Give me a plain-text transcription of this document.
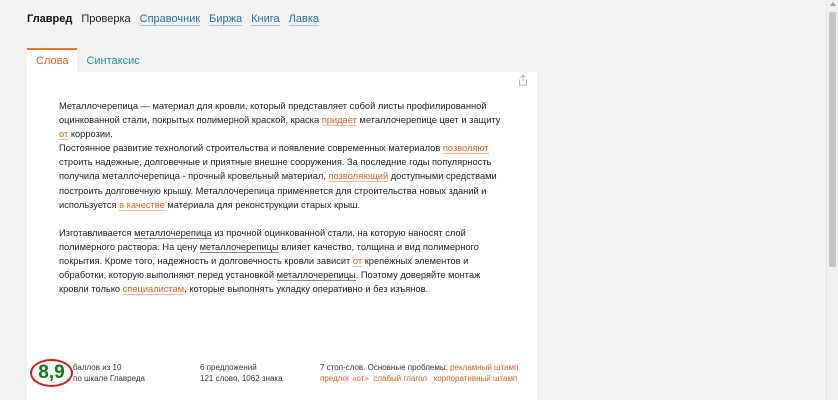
Главред Проверка Справочник Биржа Книга Лавка
Слова	Синтаксис

Металлочерепица — материал для кровли, который представляет собой листы профилированной оцинкованной стали, покрытых полимерной краской, краска придает металлочерепице цвет и защиту от коррозии.

Постоянное развитие технологий строительства и появление современных материалов позволяют строить надежные, долговечные и приятные внешне сооружения. За последние годы популярность получила металлочерепица - прочный кровельный материал, позволяющий доступными средствами построить долговечную крышу. Металлочерепица применяется для строительства новых зданий и используется в качестве материала для реконструкции старых крыш.

Изготавливается металлочерепица из прочной оцинкованной стали, на которую наносят слой полимерного раствора. На цену металлочерепицы влияет качество, толщина и вид полимерного покрытия. Кроме того, надежность и долговечность кровли зависит от крепежных элементов и обработки, которую выполняют перед установкой металлочерепицы. Поэтому доверяйте монтаж кровли только специалистам, которые выполнять укладку оперативно и без изъянов.

8,9	баллов из 10
по шкале Главреда
6 предложений
121 слово, 1062 знака
7 стоп-слов. Основные проблемы: рекламный штамп
предлог «от» слабый глагол корпоративный штамп
